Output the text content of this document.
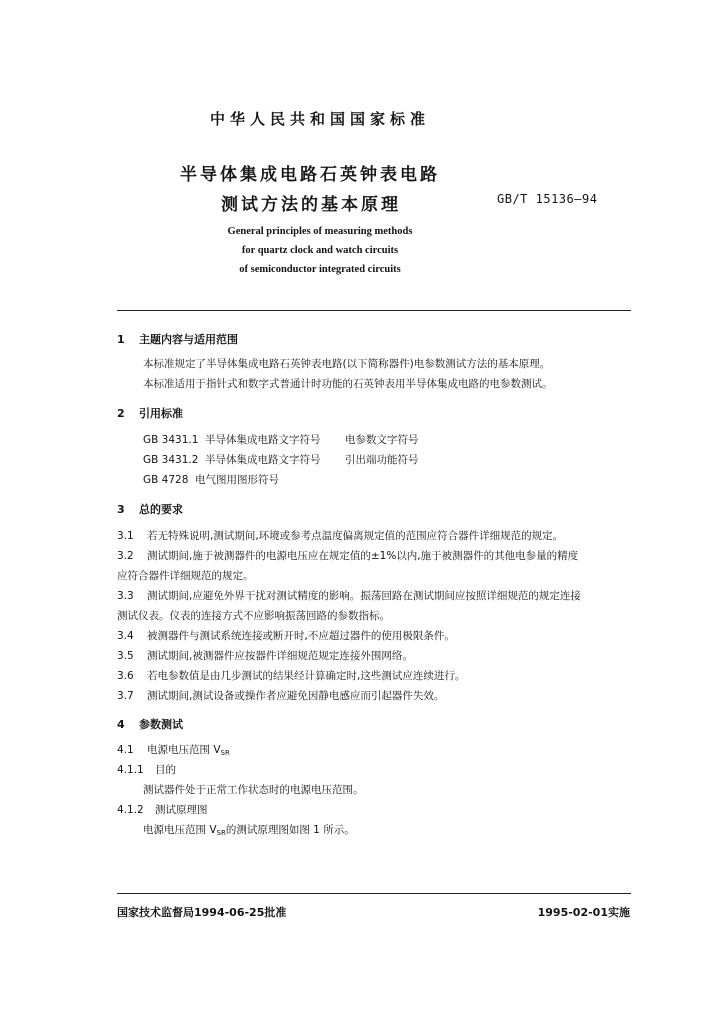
中华人民共和国国家标准
半导体集成电路石英钟表电路
测试方法的基本原理	GB/T 15136—94
General principles of measuring methods
for quartz clock and watch circuits
of semiconductor integrated circuits
1 主题内容与适用范围
本标准规定了半导体集成电路石英钟表电路(以下简称器件)电参数测试方法的基本原理。
本标准适用于指针式和数字式普通计时功能的石英钟表用半导体集成电路的电参数测试。
2 引用标准
GB 3431.1 半导体集成电路文字符号 电参数文字符号
GB 3431.2 半导体集成电路文字符号 引出端功能符号
GB 4728 电气图用图形符号
3 总的要求
3.1 若无特殊说明,测试期间,环境或参考点温度偏离规定值的范围应符合器件详细规范的规定。
3.2 测试期间,施于被测器件的电源电压应在规定值的±1%以内,施于被测器件的其他电参量的精度
应符合器件详细规范的规定。
3.3 测试期间,应避免外界干扰对测试精度的影响。振荡回路在测试期间应按照详细规范的规定连接
测试仪表。仪表的连接方式不应影响振荡回路的参数指标。
3.4 被测器件与测试系统连接或断开时,不应超过器件的使用极限条件。
3.5 测试期间,被测器件应按器件详细规范规定连接外围网络。
3.6 若电参数值是由几步测试的结果经计算确定时,这些测试应连续进行。
3.7 测试期间,测试设备或操作者应避免因静电感应而引起器件失效。
4 参数测试
4.1 电源电压范围 $V_{SR}$
4.1.1 目的
测试器件处于正常工作状态时的电源电压范围。
4.1.2 测试原理图
电源电压范围 $V_{SR}$的测试原理图如图 1 所示。
国家技术监督局1994-06-25批准	1995-02-01实施
